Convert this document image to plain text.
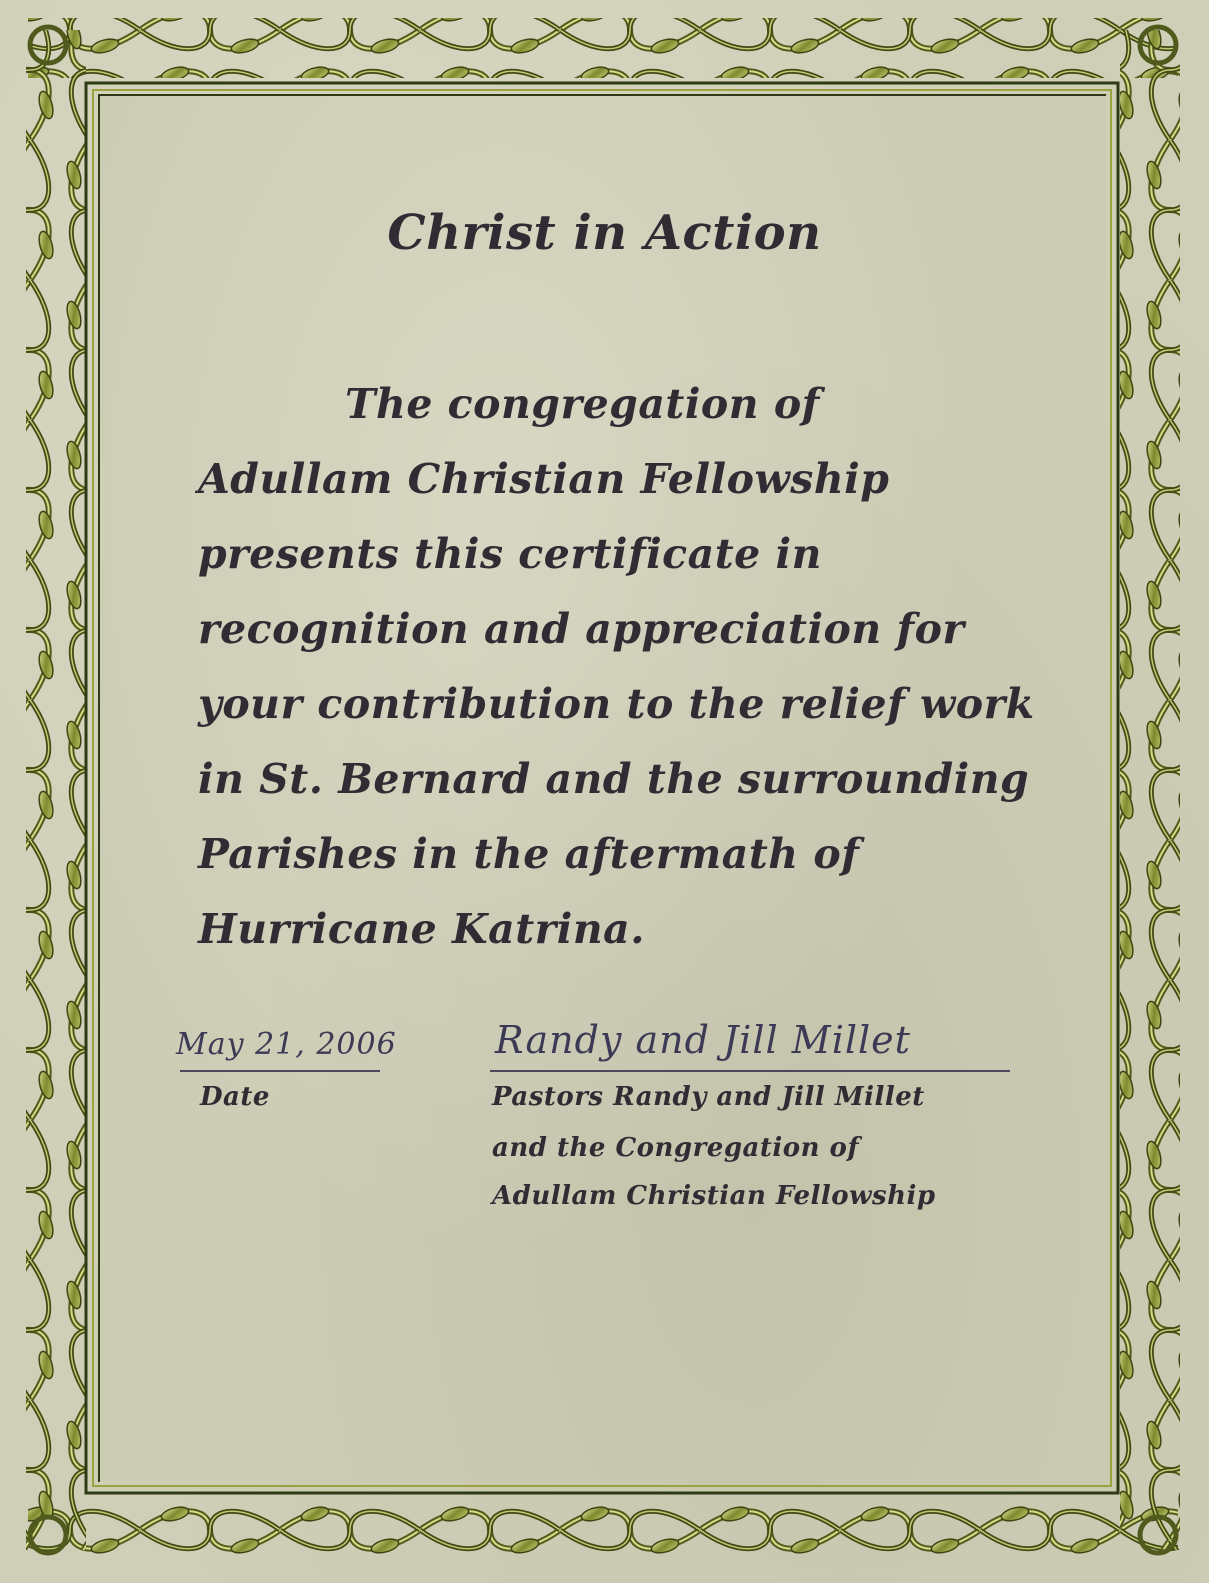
Christ in Action

The congregation of

Adullam Christian Fellowship

presents this certificate in

recognition and appreciation for

your contribution to the relief work

in St. Bernard and the surrounding

Parishes in the aftermath of

Hurricane Katrina.

May 21, 2006

Date

Randy and Jill Millet

Pastors Randy and Jill Millet

and the Congregation of

Adullam Christian Fellowship
